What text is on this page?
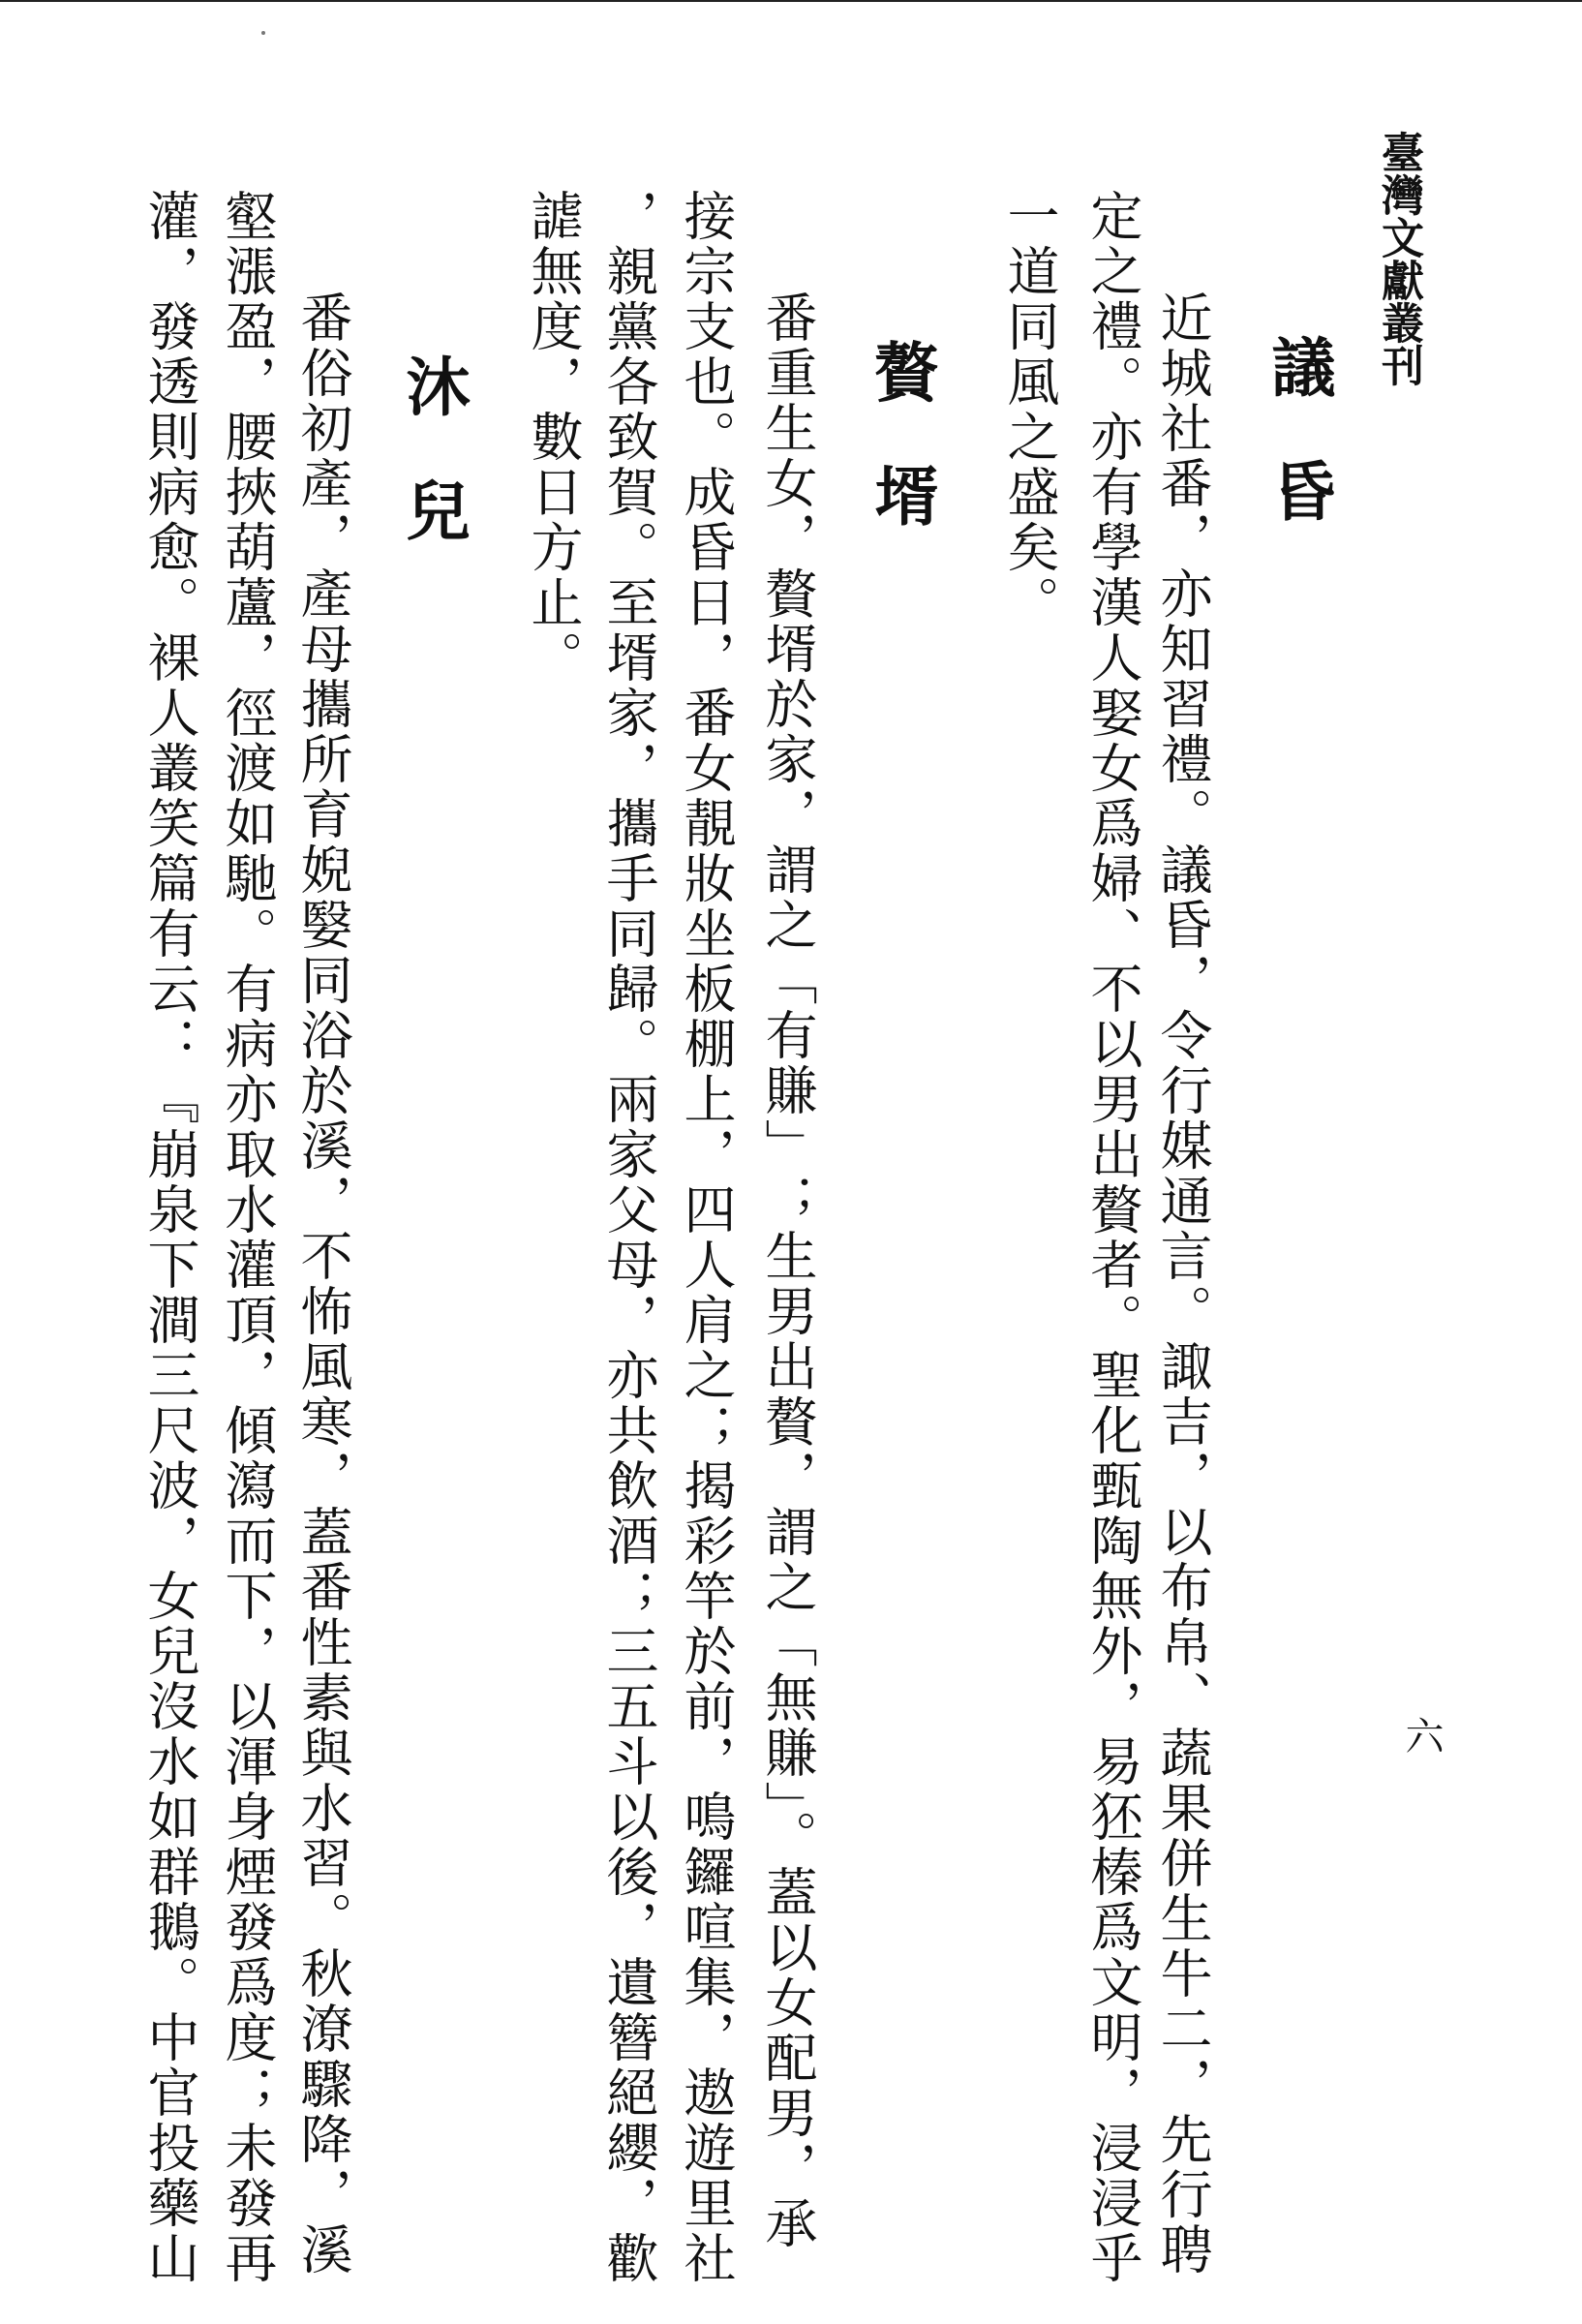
臺灣文獻叢刊
六
議昏
近城社番，亦知習禮。議昏，令行媒通言。諏吉，以布帛、蔬果併生牛二，先行聘
定之禮。亦有學漢人娶女爲婦、不以男出贅者。聖化甄陶無外，易狉榛爲文明，浸浸乎
一道同風之盛矣。
贅壻
番重生女，贅壻於家，謂之「有賺」；生男出贅，謂之「無賺」。蓋以女配男，承
接宗支也。成昏日，番女靚妝坐板棚上，四人肩之；揭彩竿於前，鳴鑼喧集，遨遊里社
，親黨各致賀。至壻家，攜手同歸。兩家父母，亦共飲酒；三五斗以後，遺簪絕纓，歡
謔無度，數日方止。
沐兒
番俗初產，產母攜所育婗嫛同浴於溪，不怖風寒，蓋番性素與水習。秋潦驟降，溪
壑漲盈，腰挾葫蘆，徑渡如馳。有病亦取水灌頂，傾瀉而下，以渾身煙發爲度；未發再
灌，發透則病愈。裸人叢笑篇有云：『崩泉下澗三尺波，女兒沒水如群鵝。中官投藥山
